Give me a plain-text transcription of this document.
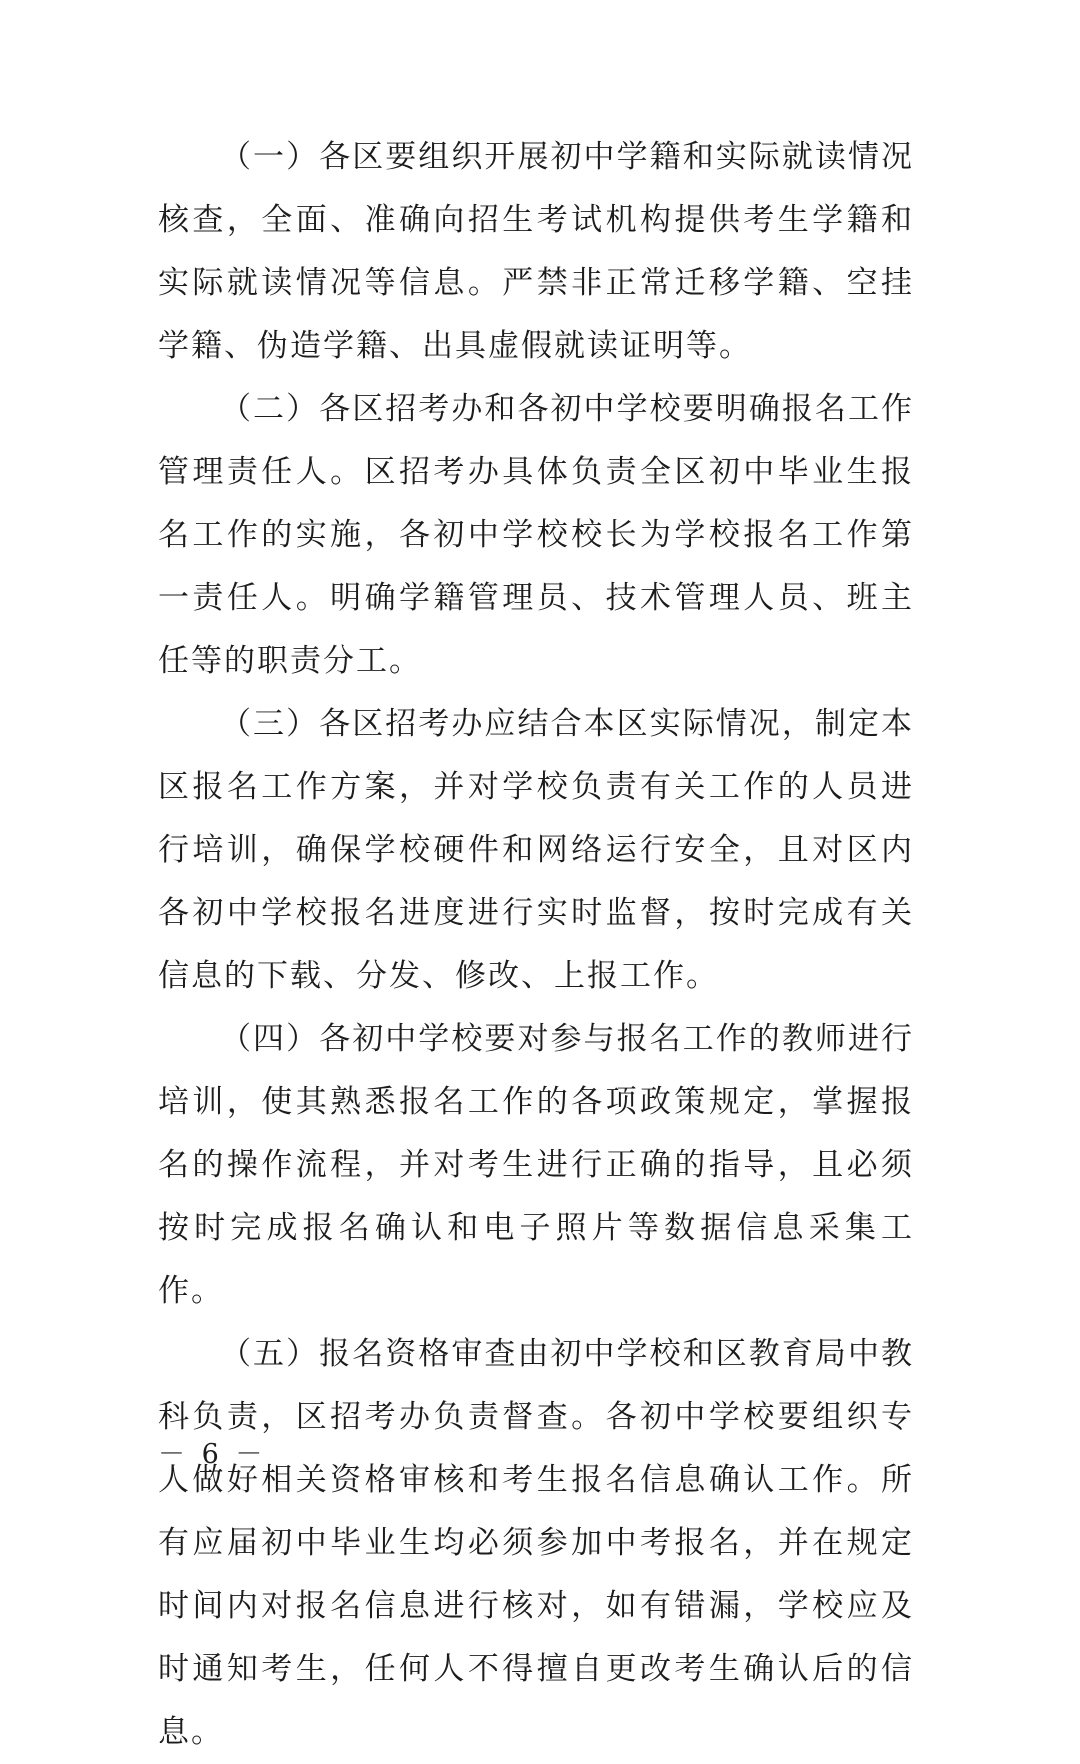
（一）各区要组织开展初中学籍和实际就读情况核查，全面、准确向招生考试机构提供考生学籍和实际就读情况等信息。严禁非正常迁移学籍、空挂学籍、伪造学籍、出具虚假就读证明等。

（二）各区招考办和各初中学校要明确报名工作管理责任人。区招考办具体负责全区初中毕业生报名工作的实施，各初中学校校长为学校报名工作第一责任人。明确学籍管理员、技术管理人员、班主任等的职责分工。

（三）各区招考办应结合本区实际情况，制定本区报名工作方案，并对学校负责有关工作的人员进行培训，确保学校硬件和网络运行安全，且对区内各初中学校报名进度进行实时监督，按时完成有关信息的下载、分发、修改、上报工作。

（四）各初中学校要对参与报名工作的教师进行培训，使其熟悉报名工作的各项政策规定，掌握报名的操作流程，并对考生进行正确的指导，且必须按时完成报名确认和电子照片等数据信息采集工作。

（五）报名资格审查由初中学校和区教育局中教科负责，区招考办负责督查。各初中学校要组织专人做好相关资格审核和考生报名信息确认工作。所有应届初中毕业生均必须参加中考报名，并在规定时间内对报名信息进行核对，如有错漏，学校应及时通知考生，任何人不得擅自更改考生确认后的信息。

－ 6 －
